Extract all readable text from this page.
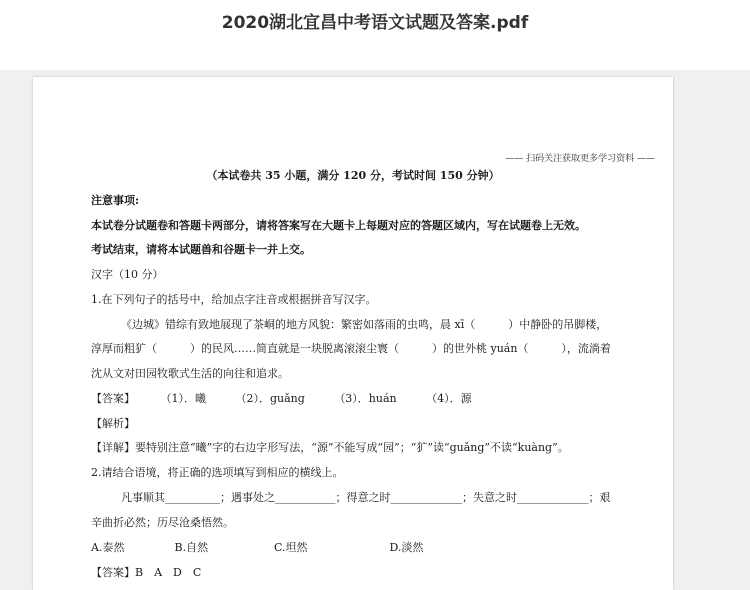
2020湖北宜昌中考语文试题及答案.pdf
—— 扫码关注获取更多学习资料 ——
（本试卷共 35 小题，满分 120 分，考试时间 150 分钟）
注意事项:
本试卷分试题卷和答题卡两部分，请将答案写在大题卡上每题对应的答题区域内，写在试题卷上无效。
考试结束，请将本试题兽和谷题卡一并上交。
汉字（10 分）
1.在下列句子的括号中，给加点字注音或根据拼音写汉字。
《边城》错综有致地展现了茶峒的地方风貌：繁密如落雨的虫鸣，晨 xī（　　　）中静卧的吊脚楼，
淳厚而粗犷（　　　）的民风……简直就是一块脱离滚滚尘寰（　　　）的世外桃 yuán（　　　），流淌着
沈从文对田园牧歌式生活的向往和追求。
【答案】 （1）．曦	（2）．guǎng	（3）．huán	（4）．源
【解析】
【详解】要特别注意“曦”字的右边字形写法，“源”不能写成“园”；“犷”读“guǎng”不读“kuàng”。
2.请结合语境，将正确的选项填写到相应的横线上。
凡事顺其__________；遇事处之___________；得意之时_____________；失意之时_____________；艰
辛曲折必然；历尽沧桑悟然。
A.泰然	B.自然	C.坦然	D.淡然
【答案】B　A　D　C
